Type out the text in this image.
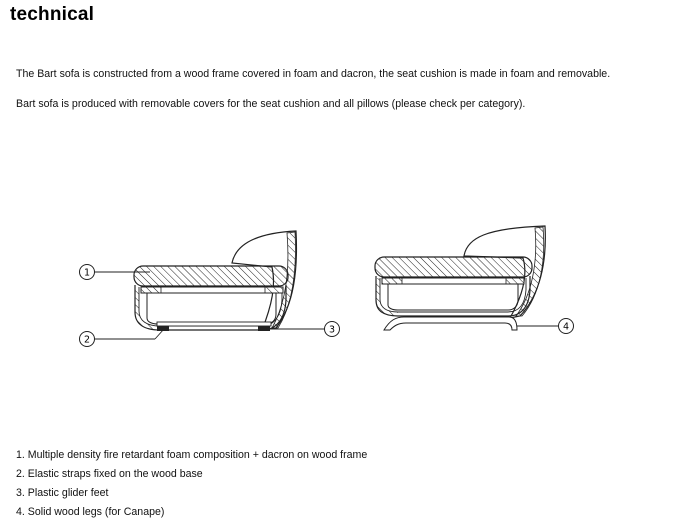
technical
The Bart sofa is constructed from a wood frame covered in foam and dacron, the seat cushion is made in foam and removable.
Bart sofa is produced with removable covers for the seat cushion and all pillows (please check per category).
1
2
3	4
1. Multiple density fire retardant foam composition + dacron on wood frame
2. Elastic straps fixed on the wood base
3. Plastic glider feet
4. Solid wood legs (for Canape)
